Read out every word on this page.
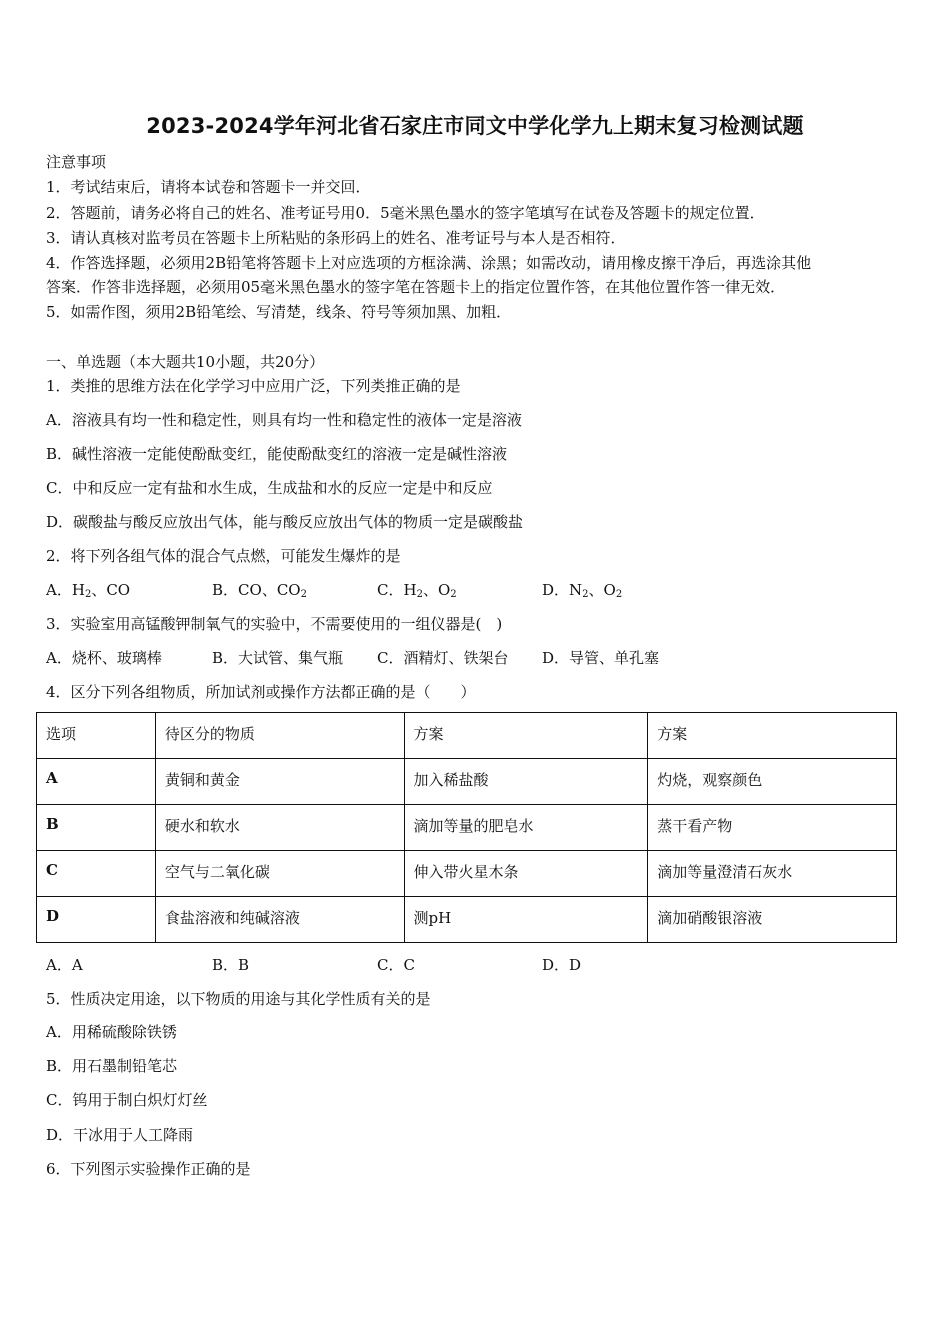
2023-2024学年河北省石家庄市同文中学化学九上期末复习检测试题
注意事项
1．考试结束后，请将本试卷和答题卡一并交回．
2．答题前，请务必将自己的姓名、准考证号用0．5毫米黑色墨水的签字笔填写在试卷及答题卡的规定位置．
3．请认真核对监考员在答题卡上所粘贴的条形码上的姓名、准考证号与本人是否相符．
4．作答选择题，必须用2B铅笔将答题卡上对应选项的方框涂满、涂黑；如需改动，请用橡皮擦干净后，再选涂其他
答案．作答非选择题，必须用05毫米黑色墨水的签字笔在答题卡上的指定位置作答，在其他位置作答一律无效．
5．如需作图，须用2B铅笔绘、写清楚，线条、符号等须加黑、加粗．
一、单选题（本大题共10小题，共20分）
1．类推的思维方法在化学学习中应用广泛，下列类推正确的是
A．溶液具有均一性和稳定性，则具有均一性和稳定性的液体一定是溶液
B．碱性溶液一定能使酚酞变红，能使酚酞变红的溶液一定是碱性溶液
C．中和反应一定有盐和水生成，生成盐和水的反应一定是中和反应
D．碳酸盐与酸反应放出气体，能与酸反应放出气体的物质一定是碳酸盐
2．将下列各组气体的混合气点燃，可能发生爆炸的是
A．$H_2$、CO	B．CO、$CO_2$	C．$H_2$、$O_2$	D．$N_2$、$O_2$
3．实验室用高锰酸钾制氧气的实验中，不需要使用的一组仪器是(　)
A．烧杯、玻璃棒	B．大试管、集气瓶 C．酒精灯、铁架台 D．导管、单孔塞
4．区分下列各组物质，所加试剂或操作方法都正确的是（　　）
选项	待区分的物质	方案	方案
A	黄铜和黄金	加入稀盐酸	灼烧，观察颜色
B	硬水和软水	滴加等量的肥皂水	蒸干看产物
C	空气与二氧化碳	伸入带火星木条	滴加等量澄清石灰水
D	食盐溶液和纯碱溶液	测pH	滴加硝酸银溶液
A．A	B．B	C．C	D．D
5．性质决定用途，以下物质的用途与其化学性质有关的是
A．用稀硫酸除铁锈
B．用石墨制铅笔芯
C．钨用于制白炽灯灯丝
D．干冰用于人工降雨
6．下列图示实验操作正确的是
